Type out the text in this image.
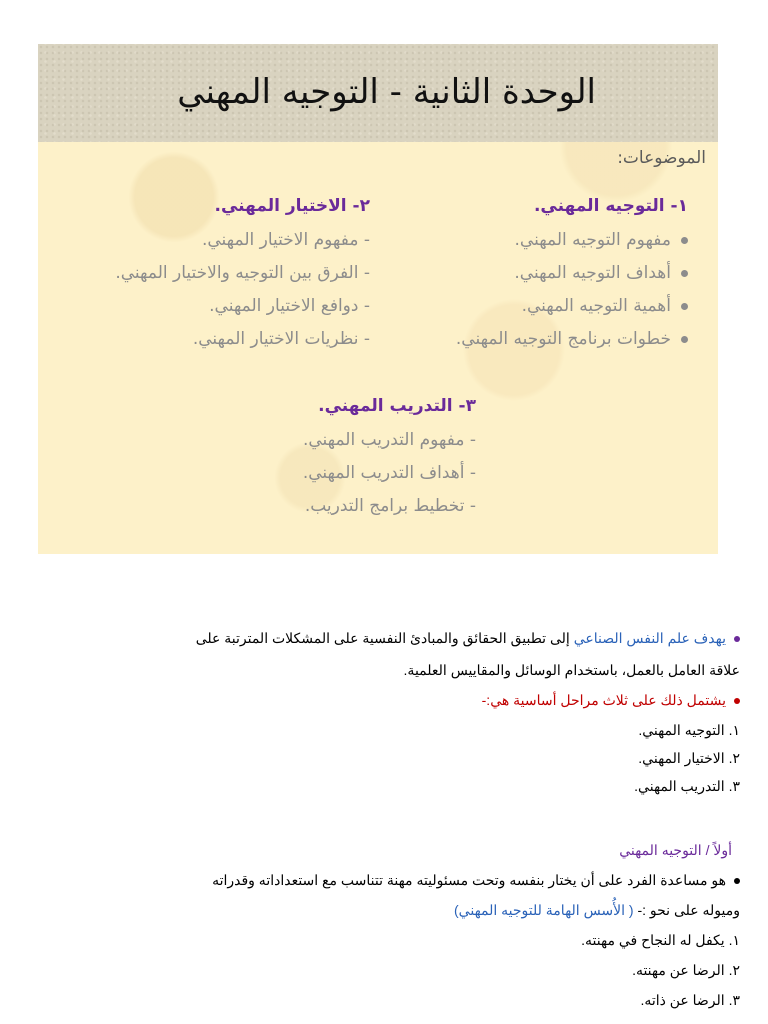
الوحدة الثانية - التوجيه المهني
الموضوعات:
١- التوجيه المهني.
مفهوم التوجيه المهني.
أهداف التوجيه المهني.
أهمية التوجيه المهني.
خطوات برنامج التوجيه المهني.
٢- الاختيار المهني.
- مفهوم الاختيار المهني.
- الفرق بين التوجيه والاختيار المهني.
- دوافع الاختيار المهني.
- نظريات الاختيار المهني.
٣- التدريب المهني.
- مفهوم التدريب المهني.
- أهداف التدريب المهني.
- تخطيط برامج التدريب.
يهدف علم النفس الصناعي إلى تطبيق الحقائق والمبادئ النفسية على المشكلات المترتبة على
علاقة العامل بالعمل، باستخدام الوسائل والمقاييس العلمية.
يشتمل ذلك على ثلاث مراحل أساسية هي:-
١. التوجيه المهني.
٢. الاختيار المهني.
٣. التدريب المهني.
أولاً / التوجيه المهني
هو مساعدة الفرد على أن يختار بنفسه وتحت مسئوليته مهنة تتناسب مع استعداداته وقدراته
وميوله على نحو :- ( الأُسس الهامة للتوجيه المهني)
١. يكفل له النجاح في مهنته.
٢. الرضا عن مهنته.
٣. الرضا عن ذاته.
